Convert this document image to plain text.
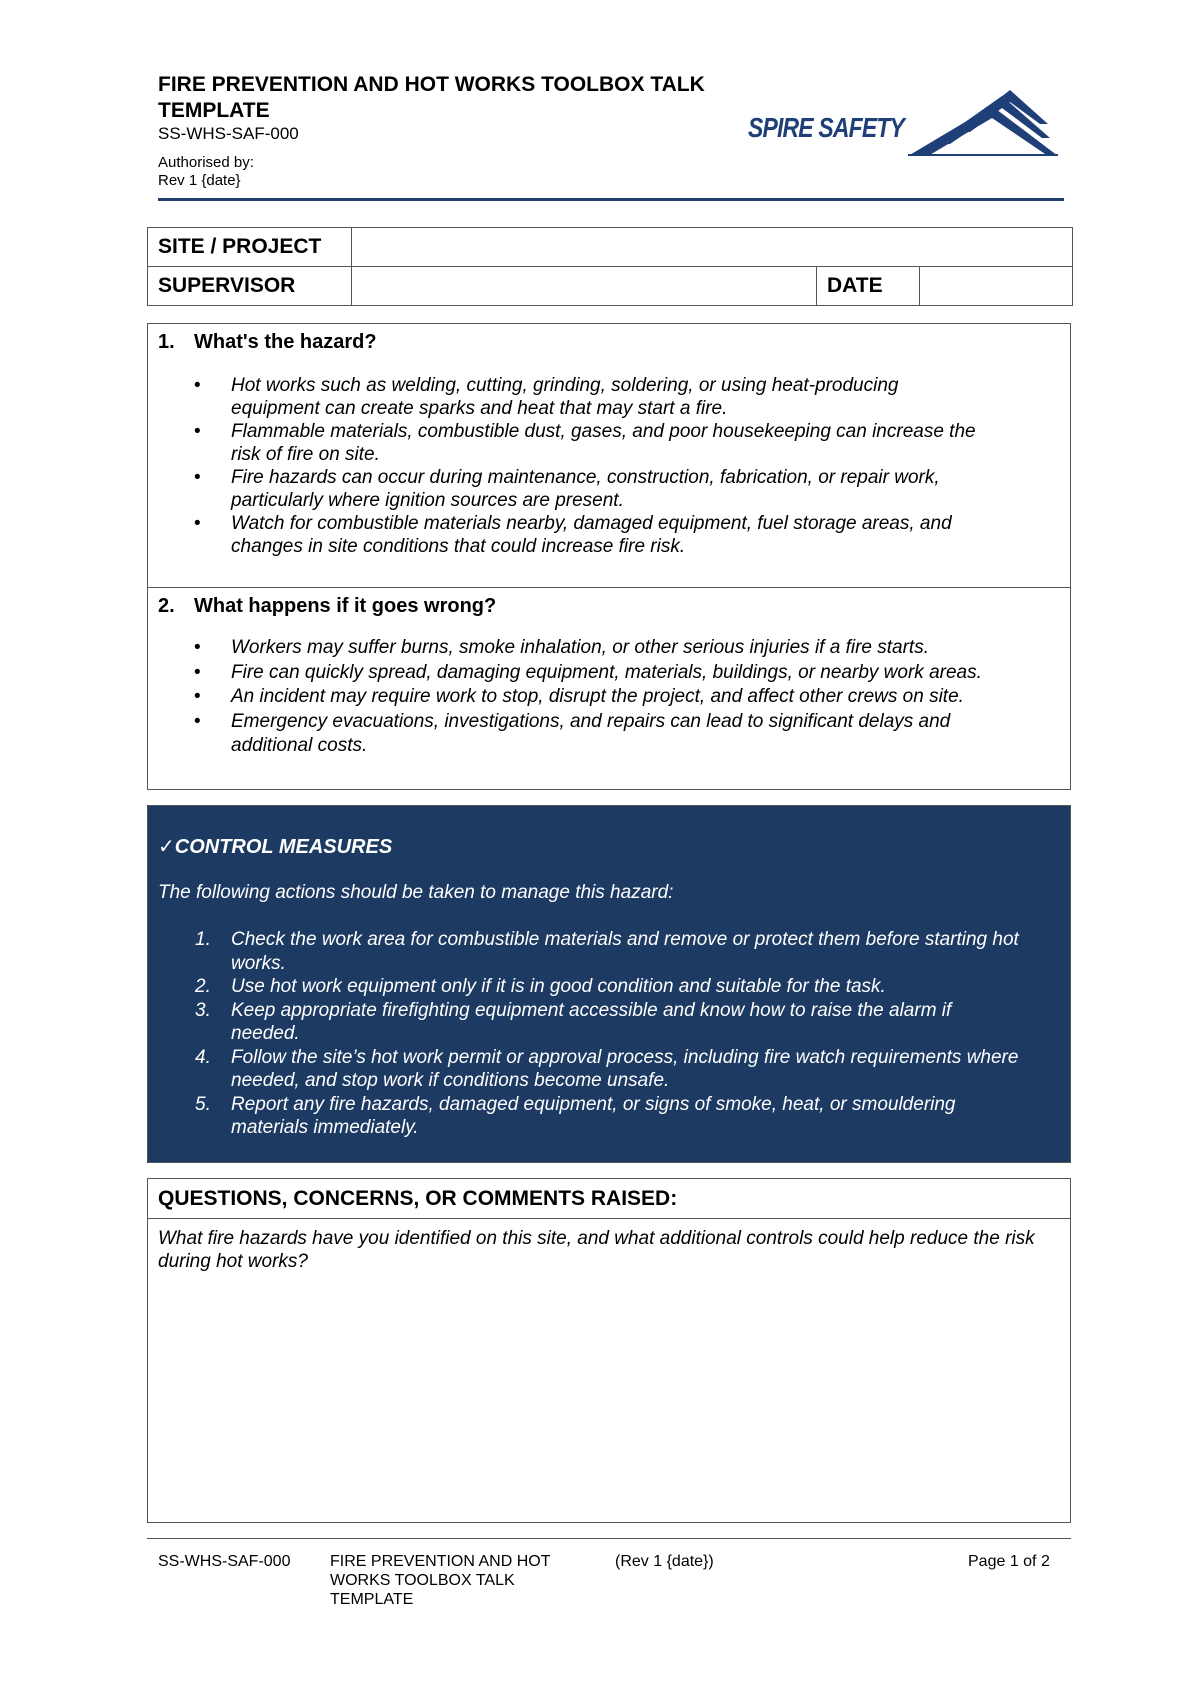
FIRE PREVENTION AND HOT WORKS TOOLBOX TALK TEMPLATE
SS-WHS-SAF-000
Authorised by:
Rev 1 {date}
SPIRE SAFETY
SITE / PROJECT			
SUPERVISOR		DATE	
1. What's the hazard?
• Hot works such as welding, cutting, grinding, soldering, or using heat-producing equipment can create sparks and heat that may start a fire.
• Flammable materials, combustible dust, gases, and poor housekeeping can increase the risk of fire on site.
• Fire hazards can occur during maintenance, construction, fabrication, or repair work, particularly where ignition sources are present.
• Watch for combustible materials nearby, damaged equipment, fuel storage areas, and changes in site conditions that could increase fire risk.
2. What happens if it goes wrong?
• Workers may suffer burns, smoke inhalation, or other serious injuries if a fire starts.
• Fire can quickly spread, damaging equipment, materials, buildings, or nearby work areas.
• An incident may require work to stop, disrupt the project, and affect other crews on site.
• Emergency evacuations, investigations, and repairs can lead to significant delays and additional costs.
✓CONTROL MEASURES
The following actions should be taken to manage this hazard:
1. Check the work area for combustible materials and remove or protect them before starting hot works.
2. Use hot work equipment only if it is in good condition and suitable for the task.
3. Keep appropriate firefighting equipment accessible and know how to raise the alarm if needed.
4. Follow the site’s hot work permit or approval process, including fire watch requirements where needed, and stop work if conditions become unsafe.
5. Report any fire hazards, damaged equipment, or signs of smoke, heat, or smouldering materials immediately.
QUESTIONS, CONCERNS, OR COMMENTS RAISED:
What fire hazards have you identified on this site, and what additional controls could help reduce the risk during hot works?
SS-WHS-SAF-000 FIRE PREVENTION AND HOT WORKS TOOLBOX TALK TEMPLATE
(Rev 1 {date})	Page 1 of 2
